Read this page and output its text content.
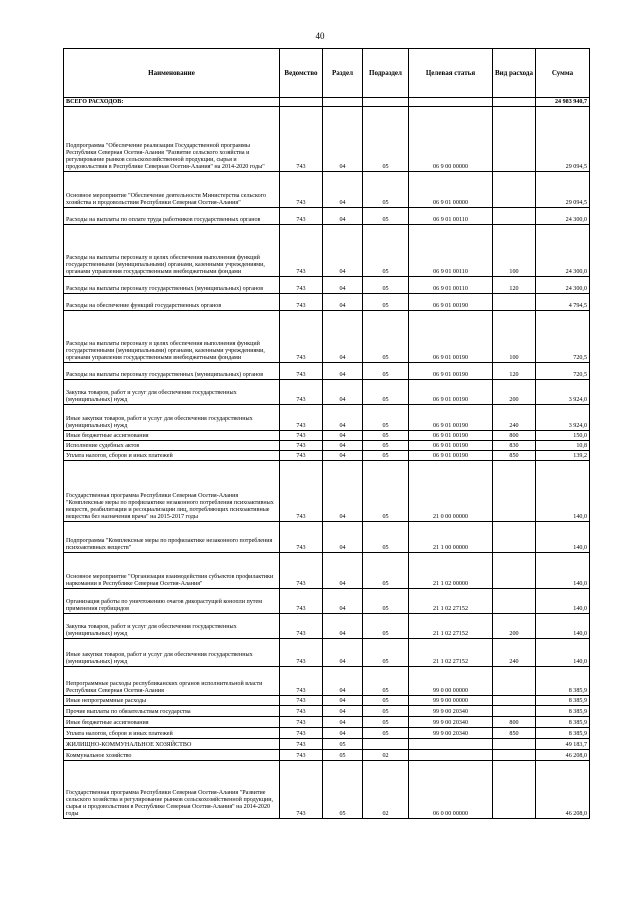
40
Наименование	Ведомство	Раздел	Подраздел	Целевая статья	Вид расхода	Сумма
ВСЕГО РАСХОДОВ:						24 983 940,7
Подпрограмма "Обеспечение реализации Государственной программы Республики Северная Осетия-Алания "Развитие сельского хозяйства и регулирование рынков сельскохозяйственной продукции, сырья и продовольствия в Республике Северная Осетия-Алания" на 2014-2020 годы"	743	04	05	06 9 00 00000		29 094,5
Основное мероприятие "Обеспечение деятельности Министерства сельского хозяйства и продовольствия Республики Северная Осетия-Алания"	743	04	05	06 9 01 00000		29 094,5
Расходы на выплаты по оплате труда работников государственных органов	743	04	05	06 9 01 00110		24 300,0
Расходы на выплаты персоналу в целях обеспечения выполнения функций государственными (муниципальными) органами, казенными учреждениями, органами управления государственными внебюджетными фондами	743	04	05	06 9 01 00110	100	24 300,0
Расходы на выплаты персоналу государственных (муниципальных) органов	743	04	05	06 9 01 00110	120	24 300,0
Расходы на обеспечение функций государственных органов	743	04	05	06 9 01 00190		4 794,5
Расходы на выплаты персоналу в целях обеспечения выполнения функций государственными (муниципальными) органами, казенными учреждениями, органами управления государственными внебюджетными фондами	743	04	05	06 9 01 00190	100	720,5
Расходы на выплаты персоналу государственных (муниципальных) органов	743	04	05	06 9 01 00190	120	720,5
Закупка товаров, работ и услуг для обеспечения государственных (муниципальных) нужд	743	04	05	06 9 01 00190	200	3 924,0
Иные закупки товаров, работ и услуг для обеспечения государственных (муниципальных) нужд	743	04	05	06 9 01 00190	240	3 924,0
Иные бюджетные ассигнования	743	04	05	06 9 01 00190	800	150,0
Исполнение судебных актов	743	04	05	06 9 01 00190	830	10,8
Уплата налогов, сборов и иных платежей	743	04	05	06 9 01 00190	850	139,2
Государственная программа Республики Северная Осетия-Алания "Комплексные меры по профилактике незаконного потребления психоактивных веществ, реабилитации и ресоциализации лиц, потребляющих психоактивные вещества без назначения врача" на 2015-2017 годы	743	04	05	21 0 00 00000		140,0
Подпрограмма "Комплексные меры по профилактике незаконного потребления психоактивных веществ"	743	04	05	21 1 00 00000		140,0
Основное мероприятие "Организация взаимодействия субъектов профилактики наркомании в Республике Северная Осетия-Алания"	743	04	05	21 1 02 00000		140,0
Организация работы по уничтожению очагов дикорастущей конопли путем применения гербицидов	743	04	05	21 1 02 27152		140,0
Закупка товаров, работ и услуг для обеспечения государственных (муниципальных) нужд	743	04	05	21 1 02 27152	200	140,0
Иные закупки товаров, работ и услуг для обеспечения государственных (муниципальных) нужд	743	04	05	21 1 02 27152	240	140,0
Непрограммные расходы республиканских органов исполнительной власти Республики Северная Осетия-Алания	743	04	05	99 0 00 00000		8 385,9
Иные непрограммные расходы	743	04	05	99 9 00 00000		8 385,9
Прочие выплаты по обязательствам государства	743	04	05	99 9 00 20340		8 385,9
Иные бюджетные ассигнования	743	04	05	99 9 00 20340	800	8 385,9
Уплата налогов, сборов и иных платежей	743	04	05	99 9 00 20340	850	8 385,9
ЖИЛИЩНО-КОММУНАЛЬНОЕ ХОЗЯЙСТВО	743	05				49 183,7
Коммунальное хозяйство	743	05	02			46 208,0
Государственная программа Республики Северная Осетия-Алания "Развитие сельского хозяйства и регулирование рынков сельскохозяйственной продукции, сырья и продовольствия в Республике Северная Осетия-Алания" на 2014-2020 годы	743	05	02	06 0 00 00000		46 208,0
